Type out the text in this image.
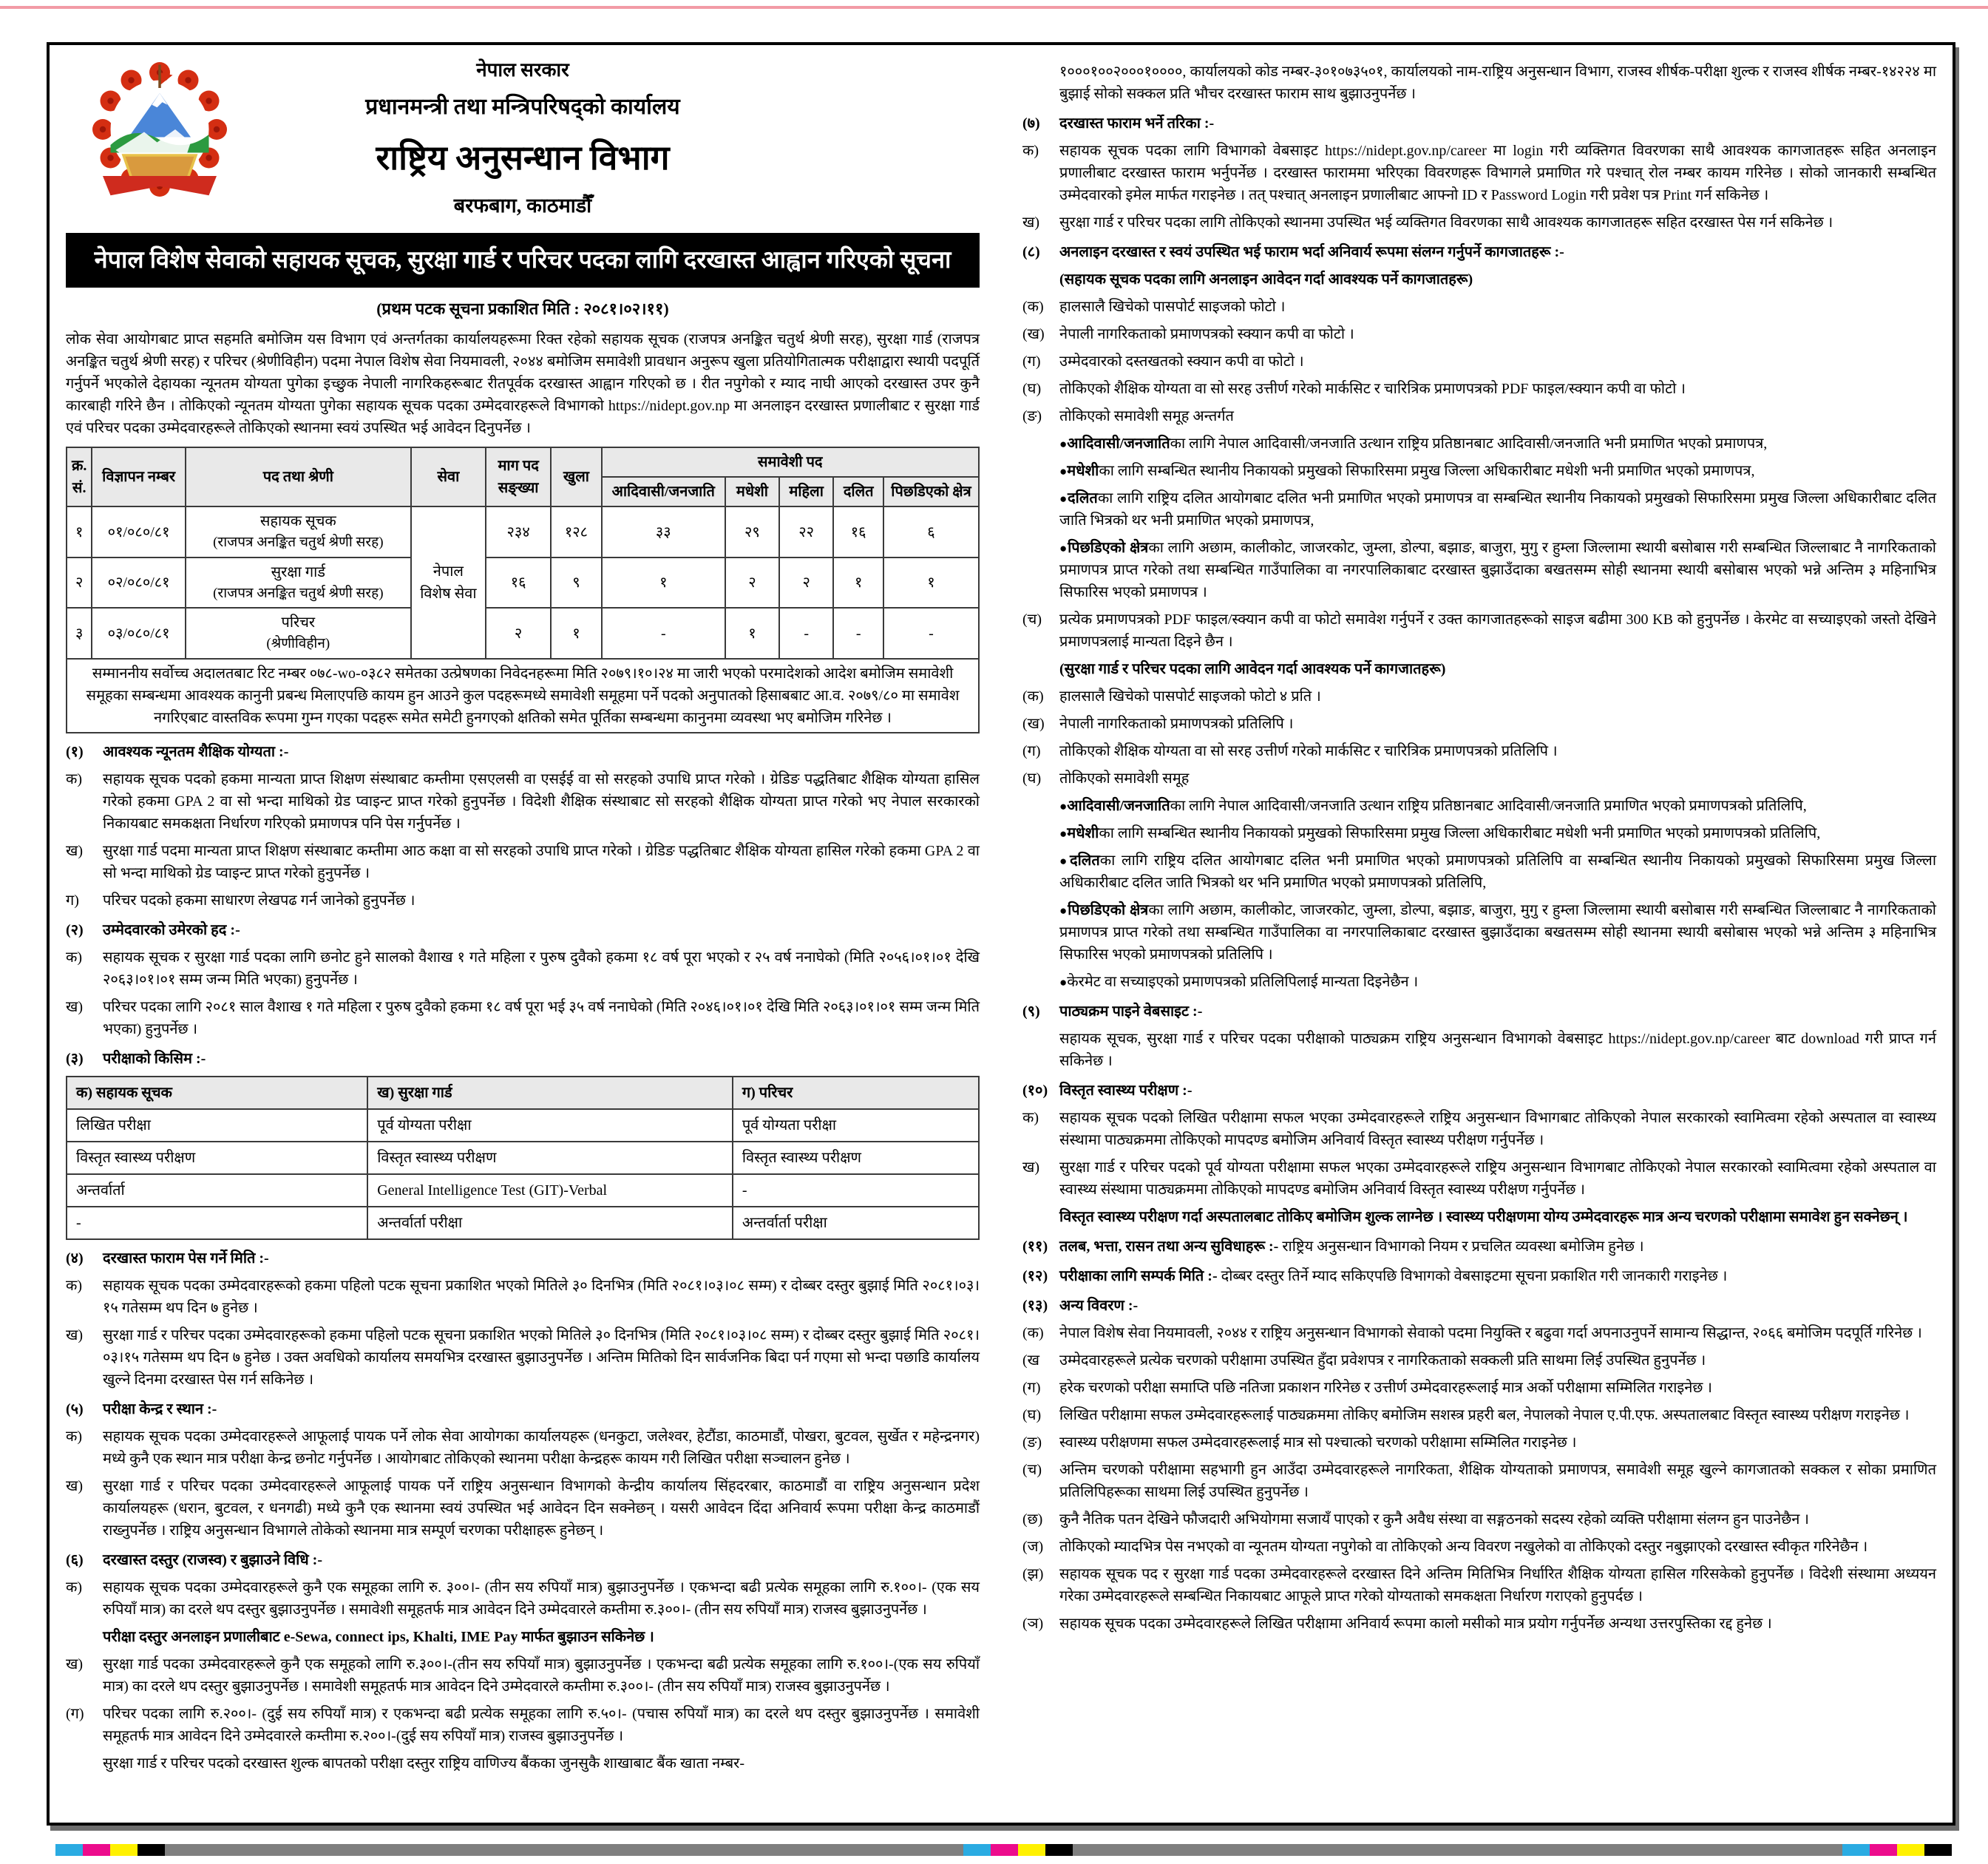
नेपाल सरकार
प्रधानमन्त्री तथा मन्त्रिपरिषद्को कार्यालय
राष्ट्रिय अनुसन्धान विभाग
बरफबाग, काठमाडौँ
नेपाल विशेष सेवाको सहायक सूचक, सुरक्षा गार्ड र परिचर पदका लागि दरखास्त आह्वान गरिएको सूचना
(प्रथम पटक सूचना प्रकाशित मिति : २०८१।०२।११)
लोक सेवा आयोगबाट प्राप्त सहमति बमोजिम यस विभाग एवं अन्तर्गतका कार्यालयहरूमा रिक्त रहेको सहायक सूचक (राजपत्र अनङ्कित चतुर्थ श्रेणी सरह), सुरक्षा गार्ड (राजपत्र अनङ्कित चतुर्थ श्रेणी सरह) र परिचर (श्रेणीविहीन) पदमा नेपाल विशेष सेवा नियमावली, २०४४ बमोजिम समावेशी प्रावधान अनुरूप खुला प्रतियोगितात्मक परीक्षाद्वारा स्थायी पदपूर्ति गर्नुपर्ने भएकोले देहायका न्यूनतम योग्यता पुगेका इच्छुक नेपाली नागरिकहरूबाट रीतपूर्वक दरखास्त आह्वान गरिएको छ । रीत नपुगेको र म्याद नाघी आएको दरखास्त उपर कुनै कारबाही गरिने छैन । तोकिएको न्यूनतम योग्यता पुगेका सहायक सूचक पदका उम्मेदवारहरूले विभागको https://nidept.gov.np मा अनलाइन दरखास्त प्रणालीबाट र सुरक्षा गार्ड एवं परिचर पदका उम्मेदवारहरूले तोकिएको स्थानमा स्वयं उपस्थित भई आवेदन दिनुपर्नेछ ।
क्र. सं.	विज्ञापन नम्बर	पद तथा श्रेणी	सेवा	माग पद सङ्ख्या	खुला	समावेशी पद				
						आदिवासी/जनजाति	मधेशी	महिला	दलित	पिछडिएको क्षेत्र
१	०१/०८०/८१	सहायक सूचक
(राजपत्र अनङ्कित चतुर्थ श्रेणी सरह)	नेपाल विशेष सेवा	२३४	१२८	३३	२९	२२	१६	६
२	०२/०८०/८१	सुरक्षा गार्ड
(राजपत्र अनङ्कित चतुर्थ श्रेणी सरह)		१६	९	१	२	२	१	१
३	०३/०८०/८१	परिचर
(श्रेणीविहीन)		२	१	-	१	-	-	-
सम्माननीय सर्वोच्च अदालतबाट रिट नम्बर ०७८-wo-०३८२ समेतका उत्प्रेषणका निवेदनहरूमा मिति २०७९।१०।२४ मा जारी भएको परमादेशको आदेश बमोजिम समावेशी समूहका सम्बन्धमा आवश्यक कानुनी प्रबन्ध मिलाएपछि कायम हुन आउने कुल पदहरूमध्ये समावेशी समूहमा पर्ने पदको अनुपातको हिसाबबाट आ.व. २०७९/८० मा समावेश नगरिएबाट वास्तविक रूपमा गुम्न गएका पदहरू समेत समेटी हुनगएको क्षतिको समेत पूर्तिका सम्बन्धमा कानुनमा व्यवस्था भए बमोजिम गरिनेछ ।										
(१)	आवश्यक न्यूनतम शैक्षिक योग्यता :-
क)	सहायक सूचक पदको हकमा मान्यता प्राप्त शिक्षण संस्थाबाट कम्तीमा एसएलसी वा एसईई वा सो सरहको उपाधि प्राप्त गरेको । ग्रेडिङ पद्धतिबाट शैक्षिक योग्यता हासिल गरेको हकमा GPA 2 वा सो भन्दा माथिको ग्रेड प्वाइन्ट प्राप्त गरेको हुनुपर्नेछ । विदेशी शैक्षिक संस्थाबाट सो सरहको शैक्षिक योग्यता प्राप्त गरेको भए नेपाल सरकारको निकायबाट समकक्षता निर्धारण गरिएको प्रमाणपत्र पनि पेस गर्नुपर्नेछ ।
ख)	सुरक्षा गार्ड पदमा मान्यता प्राप्त शिक्षण संस्थाबाट कम्तीमा आठ कक्षा वा सो सरहको उपाधि प्राप्त गरेको । ग्रेडिङ पद्धतिबाट शैक्षिक योग्यता हासिल गरेको हकमा GPA 2 वा सो भन्दा माथिको ग्रेड प्वाइन्ट प्राप्त गरेको हुनुपर्नेछ ।
ग)	परिचर पदको हकमा साधारण लेखपढ गर्न जानेको हुनुपर्नेछ ।
(२)	उम्मेदवारको उमेरको हद :-
क)	सहायक सूचक र सुरक्षा गार्ड पदका लागि छनोट हुने सालको वैशाख १ गते महिला र पुरुष दुवैको हकमा १८ वर्ष पूरा भएको र २५ वर्ष ननाघेको (मिति २०५६।०१।०१ देखि २०६३।०१।०१ सम्म जन्म मिति भएका) हुनुपर्नेछ ।
ख)	परिचर पदका लागि २०८१ साल वैशाख १ गते महिला र पुरुष दुवैको हकमा १८ वर्ष पूरा भई ३५ वर्ष ननाघेको (मिति २०४६।०१।०१ देखि मिति २०६३।०१।०१ सम्म जन्म मिति भएका) हुनुपर्नेछ ।
(३)	परीक्षाको किसिम :-
क) सहायक सूचक	ख) सुरक्षा गार्ड	ग) परिचर
लिखित परीक्षा	पूर्व योग्यता परीक्षा	पूर्व योग्यता परीक्षा
विस्तृत स्वास्थ्य परीक्षण	विस्तृत स्वास्थ्य परीक्षण	विस्तृत स्वास्थ्य परीक्षण
अन्तर्वार्ता	General Intelligence Test (GIT)-Verbal	-
-	अन्तर्वार्ता परीक्षा	अन्तर्वार्ता परीक्षा
(४)	दरखास्त फाराम पेस गर्ने मिति :-
क)	सहायक सूचक पदका उम्मेदवारहरूको हकमा पहिलो पटक सूचना प्रकाशित भएको मितिले ३० दिनभित्र (मिति २०८१।०३।०८ सम्म) र दोब्बर दस्तुर बुझाई मिति २०८१।०३।१५ गतेसम्म थप दिन ७ हुनेछ ।
ख)	सुरक्षा गार्ड र परिचर पदका उम्मेदवारहरूको हकमा पहिलो पटक सूचना प्रकाशित भएको मितिले ३० दिनभित्र (मिति २०८१।०३।०८ सम्म) र दोब्बर दस्तुर बुझाई मिति २०८१।०३।१५ गतेसम्म थप दिन ७ हुनेछ । उक्त अवधिको कार्यालय समयभित्र दरखास्त बुझाउनुपर्नेछ । अन्तिम मितिको दिन सार्वजनिक बिदा पर्न गएमा सो भन्दा पछाडि कार्यालय खुल्ने दिनमा दरखास्त पेस गर्न सकिनेछ ।
(५)	परीक्षा केन्द्र र स्थान :-
क)	सहायक सूचक पदका उम्मेदवारहरूले आफूलाई पायक पर्ने लोक सेवा आयोगका कार्यालयहरू (धनकुटा, जलेश्वर, हेटौंडा, काठमाडौं, पोखरा, बुटवल, सुर्खेत र महेन्द्रनगर) मध्ये कुनै एक स्थान मात्र परीक्षा केन्द्र छनोट गर्नुपर्नेछ । आयोगबाट तोकिएको स्थानमा परीक्षा केन्द्रहरू कायम गरी लिखित परीक्षा सञ्चालन हुनेछ ।
ख)	सुरक्षा गार्ड र परिचर पदका उम्मेदवारहरूले आफूलाई पायक पर्ने राष्ट्रिय अनुसन्धान विभागको केन्द्रीय कार्यालय सिंहदरबार, काठमाडौं वा राष्ट्रिय अनुसन्धान प्रदेश कार्यालयहरू (धरान, बुटवल, र धनगढी) मध्ये कुनै एक स्थानमा स्वयं उपस्थित भई आवेदन दिन सक्नेछन् । यसरी आवेदन दिंदा अनिवार्य रूपमा परीक्षा केन्द्र काठमाडौं राख्नुपर्नेछ । राष्ट्रिय अनुसन्धान विभागले तोकेको स्थानमा मात्र सम्पूर्ण चरणका परीक्षाहरू हुनेछन् ।
(६)	दरखास्त दस्तुर (राजस्व) र बुझाउने विधि :-
क)	सहायक सूचक पदका उम्मेदवारहरूले कुनै एक समूहका लागि रु. ३००।- (तीन सय रुपियाँ मात्र) बुझाउनुपर्नेछ । एकभन्दा बढी प्रत्येक समूहका लागि रु.१००।- (एक सय रुपियाँ मात्र) का दरले थप दस्तुर बुझाउनुपर्नेछ । समावेशी समूहतर्फ मात्र आवेदन दिने उम्मेदवारले कम्तीमा रु.३००।- (तीन सय रुपियाँ मात्र) राजस्व बुझाउनुपर्नेछ ।
परीक्षा दस्तुर अनलाइन प्रणालीबाट e-Sewa, connect ips, Khalti, IME Pay मार्फत बुझाउन सकिनेछ ।
ख)	सुरक्षा गार्ड पदका उम्मेदवारहरूले कुनै एक समूहको लागि रु.३००।-(तीन सय रुपियाँ मात्र) बुझाउनुपर्नेछ । एकभन्दा बढी प्रत्येक समूहका लागि रु.१००।-(एक सय रुपियाँ मात्र) का दरले थप दस्तुर बुझाउनुपर्नेछ । समावेशी समूहतर्फ मात्र आवेदन दिने उम्मेदवारले कम्तीमा रु.३००।- (तीन सय रुपियाँ मात्र) राजस्व बुझाउनुपर्नेछ ।
(ग)	परिचर पदका लागि रु.२००।- (दुई सय रुपियाँ मात्र) र एकभन्दा बढी प्रत्येक समूहका लागि रु.५०।- (पचास रुपियाँ मात्र) का दरले थप दस्तुर बुझाउनुपर्नेछ । समावेशी समूहतर्फ मात्र आवेदन दिने उम्मेदवारले कम्तीमा रु.२००।-(दुई सय रुपियाँ मात्र) राजस्व बुझाउनुपर्नेछ ।
सुरक्षा गार्ड र परिचर पदको दरखास्त शुल्क बापतको परीक्षा दस्तुर राष्ट्रिय वाणिज्य बैंकका जुनसुकै शाखाबाट बैंक खाता नम्बर-
१०००१००२०००१००००, कार्यालयको कोड नम्बर-३०१०७३५०१, कार्यालयको नाम-राष्ट्रिय अनुसन्धान विभाग, राजस्व शीर्षक-परीक्षा शुल्क र राजस्व शीर्षक नम्बर-१४२२४ मा बुझाई सोको सक्कल प्रति भौचर दरखास्त फाराम साथ बुझाउनुपर्नेछ ।
(७)	दरखास्त फाराम भर्ने तरिका :-
क)	सहायक सूचक पदका लागि विभागको वेबसाइट https://nidept.gov.np/career मा login गरी व्यक्तिगत विवरणका साथै आवश्यक कागजातहरू सहित अनलाइन प्रणालीबाट दरखास्त फाराम भर्नुपर्नेछ । दरखास्त फाराममा भरिएका विवरणहरू विभागले प्रमाणित गरे पश्चात् रोल नम्बर कायम गरिनेछ । सोको जानकारी सम्बन्धित उम्मेदवारको इमेल मार्फत गराइनेछ । तत् पश्चात् अनलाइन प्रणालीबाट आफ्नो ID र Password Login गरी प्रवेश पत्र Print गर्न सकिनेछ ।
ख)	सुरक्षा गार्ड र परिचर पदका लागि तोकिएको स्थानमा उपस्थित भई व्यक्तिगत विवरणका साथै आवश्यक कागजातहरू सहित दरखास्त पेस गर्न सकिनेछ ।
(८)	अनलाइन दरखास्त र स्वयं उपस्थित भई फाराम भर्दा अनिवार्य रूपमा संलग्न गर्नुपर्ने कागजातहरू :-
(सहायक सूचक पदका लागि अनलाइन आवेदन गर्दा आवश्यक पर्ने कागजातहरू)
(क)	हालसालै खिचेको पासपोर्ट साइजको फोटो ।
(ख)	नेपाली नागरिकताको प्रमाणपत्रको स्क्यान कपी वा फोटो ।
(ग)	उम्मेदवारको दस्तखतको स्क्यान कपी वा फोटो ।
(घ)	तोकिएको शैक्षिक योग्यता वा सो सरह उत्तीर्ण गरेको मार्कसिट र चारित्रिक प्रमाणपत्रको PDF फाइल/स्क्यान कपी वा फोटो ।
(ङ)	तोकिएको समावेशी समूह अन्तर्गत
●आदिवासी/जनजातिका लागि नेपाल आदिवासी/जनजाति उत्थान राष्ट्रिय प्रतिष्ठानबाट आदिवासी/जनजाति भनी प्रमाणित भएको प्रमाणपत्र,
●मधेशीका लागि सम्बन्धित स्थानीय निकायको प्रमुखको सिफारिसमा प्रमुख जिल्ला अधिकारीबाट मधेशी भनी प्रमाणित भएको प्रमाणपत्र,
●दलितका लागि राष्ट्रिय दलित आयोगबाट दलित भनी प्रमाणित भएको प्रमाणपत्र वा सम्बन्धित स्थानीय निकायको प्रमुखको सिफारिसमा प्रमुख जिल्ला अधिकारीबाट दलित जाति भित्रको थर भनी प्रमाणित भएको प्रमाणपत्र,
●पिछडिएको क्षेत्रका लागि अछाम, कालीकोट, जाजरकोट, जुम्ला, डोल्पा, बझाङ, बाजुरा, मुगु र हुम्ला जिल्लामा स्थायी बसोबास गरी सम्बन्धित जिल्लाबाट नै नागरिकताको प्रमाणपत्र प्राप्त गरेको तथा सम्बन्धित गाउँपालिका वा नगरपालिकाबाट दरखास्त बुझाउँदाका बखतसम्म सोही स्थानमा स्थायी बसोबास भएको भन्ने अन्तिम ३ महिनाभित्र सिफारिस भएको प्रमाणपत्र ।
(च)	प्रत्येक प्रमाणपत्रको PDF फाइल/स्क्यान कपी वा फोटो समावेश गर्नुपर्ने र उक्त कागजातहरूको साइज बढीमा 300 KB को हुनुपर्नेछ । केरमेट वा सच्याइएको जस्तो देखिने प्रमाणपत्रलाई मान्यता दिइने छैन ।
(सुरक्षा गार्ड र परिचर पदका लागि आवेदन गर्दा आवश्यक पर्ने कागजातहरू)
(क)	हालसालै खिचेको पासपोर्ट साइजको फोटो ४ प्रति ।
(ख)	नेपाली नागरिकताको प्रमाणपत्रको प्रतिलिपि ।
(ग)	तोकिएको शैक्षिक योग्यता वा सो सरह उत्तीर्ण गरेको मार्कसिट र चारित्रिक प्रमाणपत्रको प्रतिलिपि ।
(घ)	तोकिएको समावेशी समूह
●आदिवासी/जनजातिका लागि नेपाल आदिवासी/जनजाति उत्थान राष्ट्रिय प्रतिष्ठानबाट आदिवासी/जनजाति प्रमाणित भएको प्रमाणपत्रको प्रतिलिपि,
●मधेशीका लागि सम्बन्धित स्थानीय निकायको प्रमुखको सिफारिसमा प्रमुख जिल्ला अधिकारीबाट मधेशी भनी प्रमाणित भएको प्रमाणपत्रको प्रतिलिपि,
●दलितका लागि राष्ट्रिय दलित आयोगबाट दलित भनी प्रमाणित भएको प्रमाणपत्रको प्रतिलिपि वा सम्बन्धित स्थानीय निकायको प्रमुखको सिफारिसमा प्रमुख जिल्ला अधिकारीबाट दलित जाति भित्रको थर भनि प्रमाणित भएको प्रमाणपत्रको प्रतिलिपि,
●पिछडिएको क्षेत्रका लागि अछाम, कालीकोट, जाजरकोट, जुम्ला, डोल्पा, बझाङ, बाजुरा, मुगु र हुम्ला जिल्लामा स्थायी बसोबास गरी सम्बन्धित जिल्लाबाट नै नागरिकताको प्रमाणपत्र प्राप्त गरेको तथा सम्बन्धित गाउँपालिका वा नगरपालिकाबाट दरखास्त बुझाउँदाका बखतसम्म सोही स्थानमा स्थायी बसोबास भएको भन्ने अन्तिम ३ महिनाभित्र सिफारिस भएको प्रमाणपत्रको प्रतिलिपि ।
●केरमेट वा सच्याइएको प्रमाणपत्रको प्रतिलिपिलाई मान्यता दिइनेछैन ।
(९)	पाठ्यक्रम पाइने वेबसाइट :-
सहायक सूचक, सुरक्षा गार्ड र परिचर पदका परीक्षाको पाठ्यक्रम राष्ट्रिय अनुसन्धान विभागको वेबसाइट https://nidept.gov.np/career बाट download गरी प्राप्त गर्न सकिनेछ ।
(१०) विस्तृत स्वास्थ्य परीक्षण :-
क)	सहायक सूचक पदको लिखित परीक्षामा सफल भएका उम्मेदवारहरूले राष्ट्रिय अनुसन्धान विभागबाट तोकिएको नेपाल सरकारको स्वामित्वमा रहेको अस्पताल वा स्वास्थ्य संस्थामा पाठ्यक्रममा तोकिएको मापदण्ड बमोजिम अनिवार्य विस्तृत स्वास्थ्य परीक्षण गर्नुपर्नेछ ।
ख)	सुरक्षा गार्ड र परिचर पदको पूर्व योग्यता परीक्षामा सफल भएका उम्मेदवारहरूले राष्ट्रिय अनुसन्धान विभागबाट तोकिएको नेपाल सरकारको स्वामित्वमा रहेको अस्पताल वा स्वास्थ्य संस्थामा पाठ्यक्रममा तोकिएको मापदण्ड बमोजिम अनिवार्य विस्तृत स्वास्थ्य परीक्षण गर्नुपर्नेछ ।
विस्तृत स्वास्थ्य परीक्षण गर्दा अस्पतालबाट तोकिए बमोजिम शुल्क लाग्नेछ । स्वास्थ्य परीक्षणमा योग्य उम्मेदवारहरू मात्र अन्य चरणको परीक्षामा समावेश हुन सक्नेछन् ।
(११) तलब, भत्ता, रासन तथा अन्य सुविधाहरू :- राष्ट्रिय अनुसन्धान विभागको नियम र प्रचलित व्यवस्था बमोजिम हुनेछ ।
(१२) परीक्षाका लागि सम्पर्क मिति :- दोब्बर दस्तुर तिर्ने म्याद सकिएपछि विभागको वेबसाइटमा सूचना प्रकाशित गरी जानकारी गराइनेछ ।
(१३) अन्य विवरण :-
(क)	नेपाल विशेष सेवा नियमावली, २०४४ र राष्ट्रिय अनुसन्धान विभागको सेवाको पदमा नियुक्ति र बढुवा गर्दा अपनाउनुपर्ने सामान्य सिद्धान्त, २०६६ बमोजिम पदपूर्ति गरिनेछ ।
(ख	उम्मेदवारहरूले प्रत्येक चरणको परीक्षामा उपस्थित हुँदा प्रवेशपत्र र नागरिकताको सक्कली प्रति साथमा लिई उपस्थित हुनुपर्नेछ ।
(ग)	हरेक चरणको परीक्षा समाप्ति पछि नतिजा प्रकाशन गरिनेछ र उत्तीर्ण उम्मेदवारहरूलाई मात्र अर्को परीक्षामा सम्मिलित गराइनेछ ।
(घ)	लिखित परीक्षामा सफल उम्मेदवारहरूलाई पाठ्यक्रममा तोकिए बमोजिम सशस्त्र प्रहरी बल, नेपालको नेपाल ए.पी.एफ. अस्पतालबाट विस्तृत स्वास्थ्य परीक्षण गराइनेछ ।
(ङ)	स्वास्थ्य परीक्षणमा सफल उम्मेदवारहरूलाई मात्र सो पश्चात्को चरणको परीक्षामा सम्मिलित गराइनेछ ।
(च)	अन्तिम चरणको परीक्षामा सहभागी हुन आउँदा उम्मेदवारहरूले नागरिकता, शैक्षिक योग्यताको प्रमाणपत्र, समावेशी समूह खुल्ने कागजातको सक्कल र सोका प्रमाणित प्रतिलिपिहरूका साथमा लिई उपस्थित हुनुपर्नेछ ।
(छ)	कुनै नैतिक पतन देखिने फौजदारी अभियोगमा सजायँ पाएको र कुनै अवैध संस्था वा सङ्गठनको सदस्य रहेको व्यक्ति परीक्षामा संलग्न हुन पाउनेछैन ।
(ज)	तोकिएको म्यादभित्र पेस नभएको वा न्यूनतम योग्यता नपुगेको वा तोकिएको अन्य विवरण नखुलेको वा तोकिएको दस्तुर नबुझाएको दरखास्त स्वीकृत गरिनेछैन ।
(झ)	सहायक सूचक पद र सुरक्षा गार्ड पदका उम्मेदवारहरूले दरखास्त दिने अन्तिम मितिभित्र निर्धारित शैक्षिक योग्यता हासिल गरिसकेको हुनुपर्नेछ । विदेशी संस्थामा अध्ययन गरेका उम्मेदवारहरूले सम्बन्धित निकायबाट आफूले प्राप्त गरेको योग्यताको समकक्षता निर्धारण गराएको हुनुपर्दछ ।
(ञ)	सहायक सूचक पदका उम्मेदवारहरूले लिखित परीक्षामा अनिवार्य रूपमा कालो मसीको मात्र प्रयोग गर्नुपर्नेछ अन्यथा उत्तरपुस्तिका रद्द हुनेछ ।
